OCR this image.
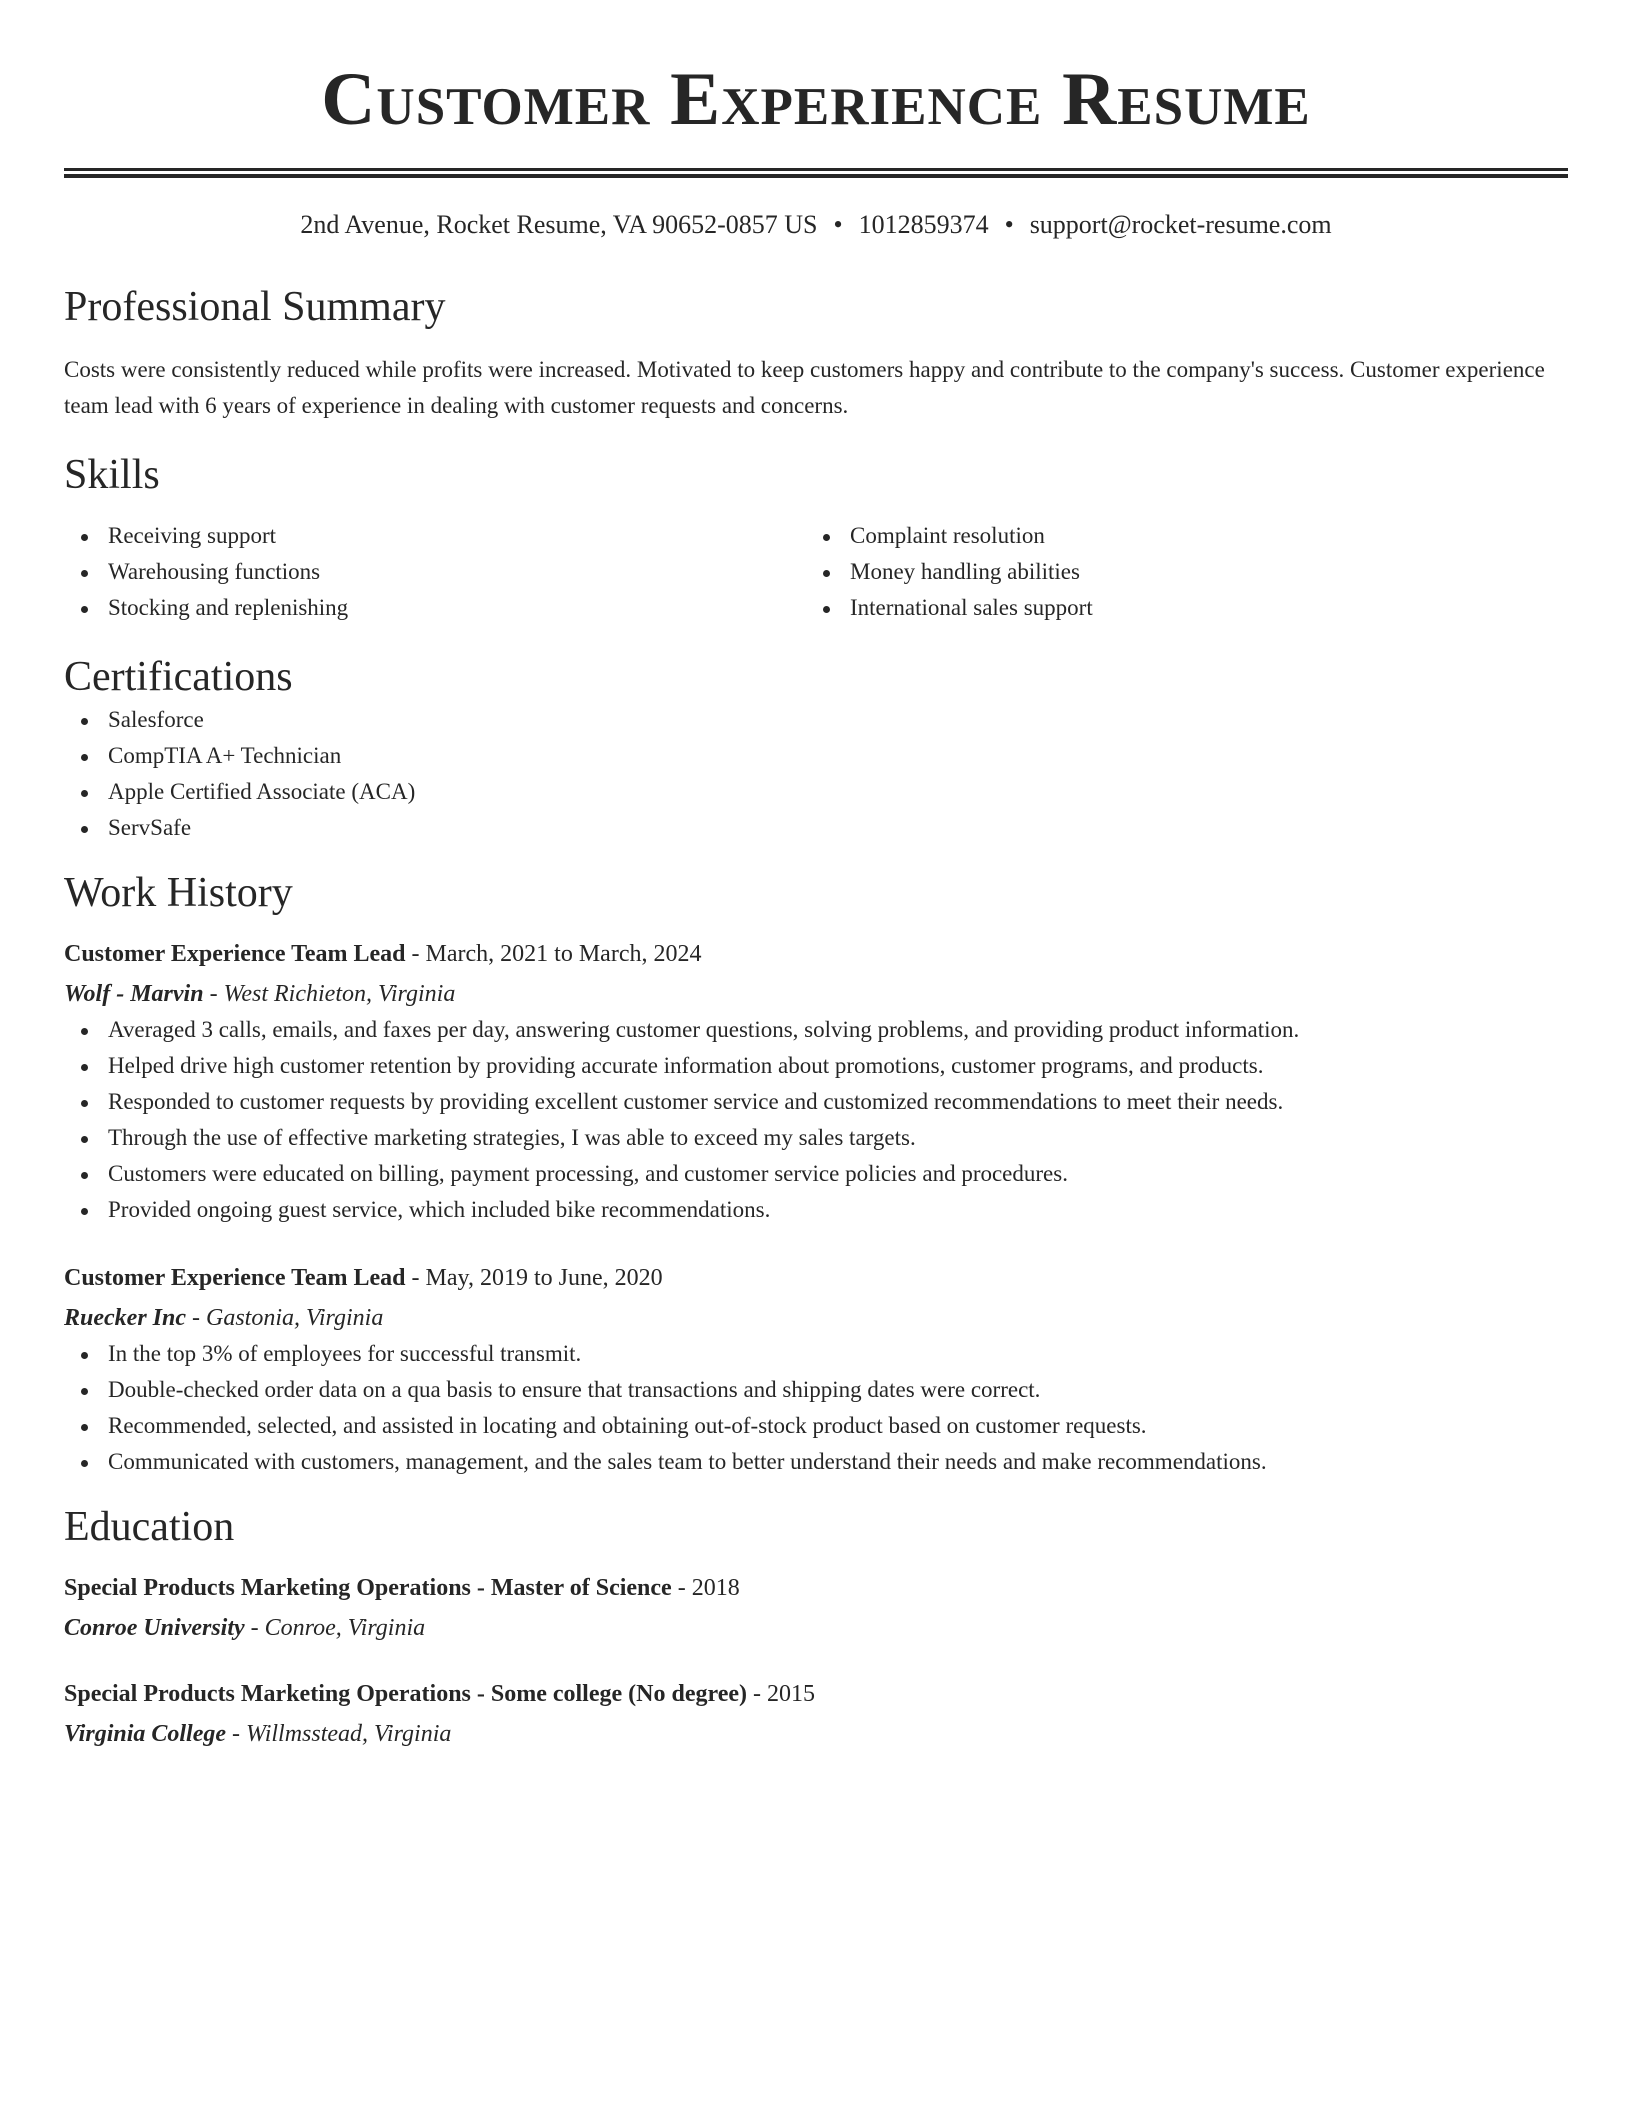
Customer Experience Resume
2nd Avenue, Rocket Resume, VA 90652-0857 US • 1012859374 • support@rocket-resume.com
Professional Summary

Costs were consistently reduced while profits were increased. Motivated to keep customers happy and contribute to the company's success. Customer experience team lead with 6 years of experience in dealing with customer requests and concerns.

Skills
Receiving support
Warehousing functions
Stocking and replenishing
Complaint resolution
Money handling abilities
International sales support
Certifications
Salesforce
CompTIA A+ Technician
Apple Certified Associate (ACA)
ServSafe
Work History
Customer Experience Team Lead - March, 2021 to March, 2024
Wolf - Marvin - West Richieton, Virginia
Averaged 3 calls, emails, and faxes per day, answering customer questions, solving problems, and providing product information.
Helped drive high customer retention by providing accurate information about promotions, customer programs, and products.
Responded to customer requests by providing excellent customer service and customized recommendations to meet their needs.
Through the use of effective marketing strategies, I was able to exceed my sales targets.
Customers were educated on billing, payment processing, and customer service policies and procedures.
Provided ongoing guest service, which included bike recommendations.
Customer Experience Team Lead - May, 2019 to June, 2020
Ruecker Inc - Gastonia, Virginia
In the top 3% of employees for successful transmit.
Double-checked order data on a qua basis to ensure that transactions and shipping dates were correct.
Recommended, selected, and assisted in locating and obtaining out-of-stock product based on customer requests.
Communicated with customers, management, and the sales team to better understand their needs and make recommendations.
Education
Special Products Marketing Operations - Master of Science - 2018
Conroe University - Conroe, Virginia
Special Products Marketing Operations - Some college (No degree) - 2015
Virginia College - Willmsstead, Virginia
